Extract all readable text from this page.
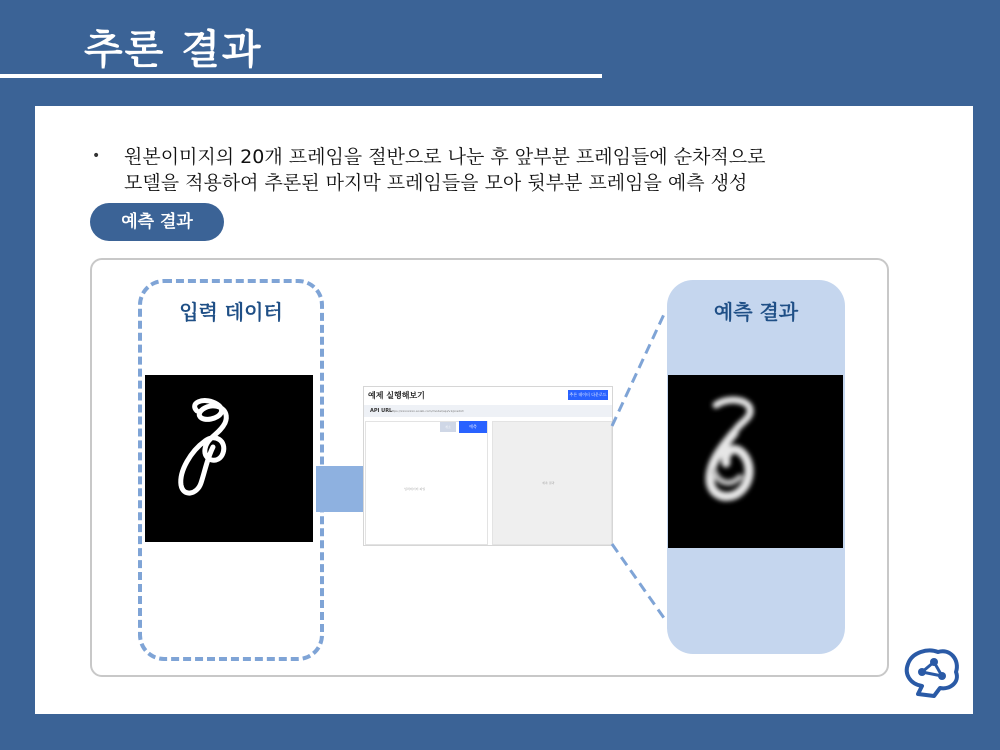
추론 결과
• 원본이미지의 20개 프레임을 절반으로 나눈 후 앞부분 프레임들에 순차적으로
모델을 적용하여 추론된 마지막 프레임들을 모아 뒷부분 프레임을 예측 생성
예측 결과
입력 데이터
예제 실행해보기	추론 데이터 다운로드
API URL
https://xxxxxxxx.ai-lab.com/model/api/v1/predict
취소	예측
입력데이터 파일
예측 결과
예측 결과
